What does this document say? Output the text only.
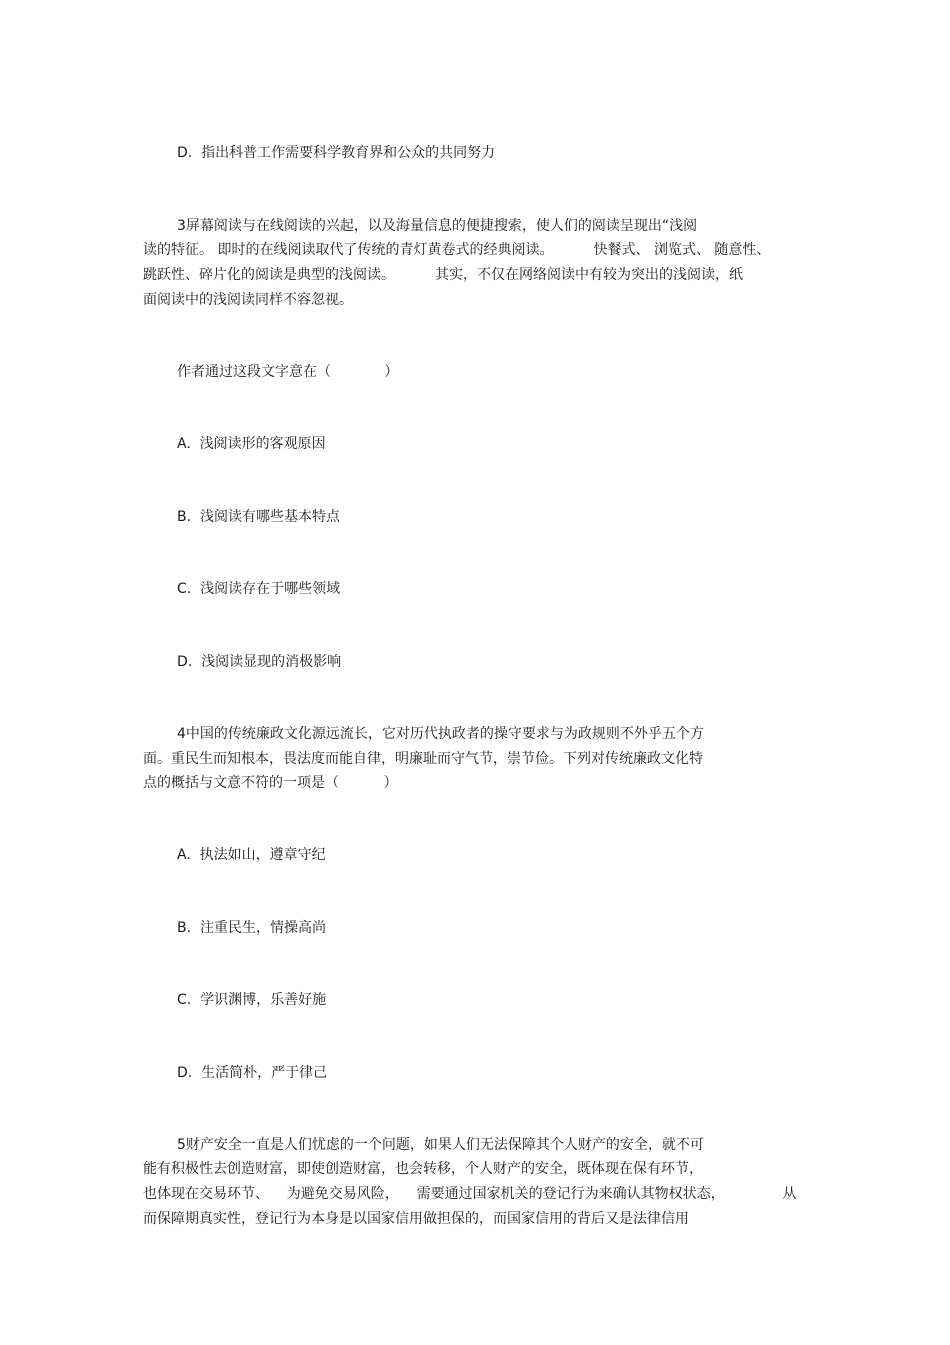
D.  指出科普工作需要科学教育界和公众的共同努力
3屏幕阅读与在线阅读的兴起，以及海量信息的便捷搜索，使人们的阅读呈现出“浅阅
读的特征。 即时的在线阅读取代了传统的青灯黄卷式的经典阅读。         快餐式、 浏览式、 随意性、
跳跃性、碎片化的阅读是典型的浅阅读。         其实，不仅在网络阅读中有较为突出的浅阅读，纸
面阅读中的浅阅读同样不容忽视。
作者通过这段文字意在（            ）
A.  浅阅读形的客观原因
B.  浅阅读有哪些基本特点
C.  浅阅读存在于哪些领域
D.  浅阅读显现的消极影响
4中国的传统廉政文化源远流长，它对历代执政者的操守要求与为政规则不外乎五个方
面。重民生而知根本，畏法度而能自律，明廉耻而守气节，崇节俭。下列对传统廉政文化特
点的概括与文意不符的一项是（          ）
A.  执法如山，遵章守纪
B.  注重民生，情操高尚
C.  学识渊博，乐善好施
D.  生活简朴，严于律己
5财产安全一直是人们忧虑的一个问题，如果人们无法保障其个人财产的安全，就不可
能有积极性去创造财富，即使创造财富，也会转移，个人财产的安全，既体现在保有环节，
也体现在交易环节、    为避免交易风险，    需要通过国家机关的登记行为来确认其物权状态，             从
而保障期真实性，登记行为本身是以国家信用做担保的，而国家信用的背后又是法律信用
